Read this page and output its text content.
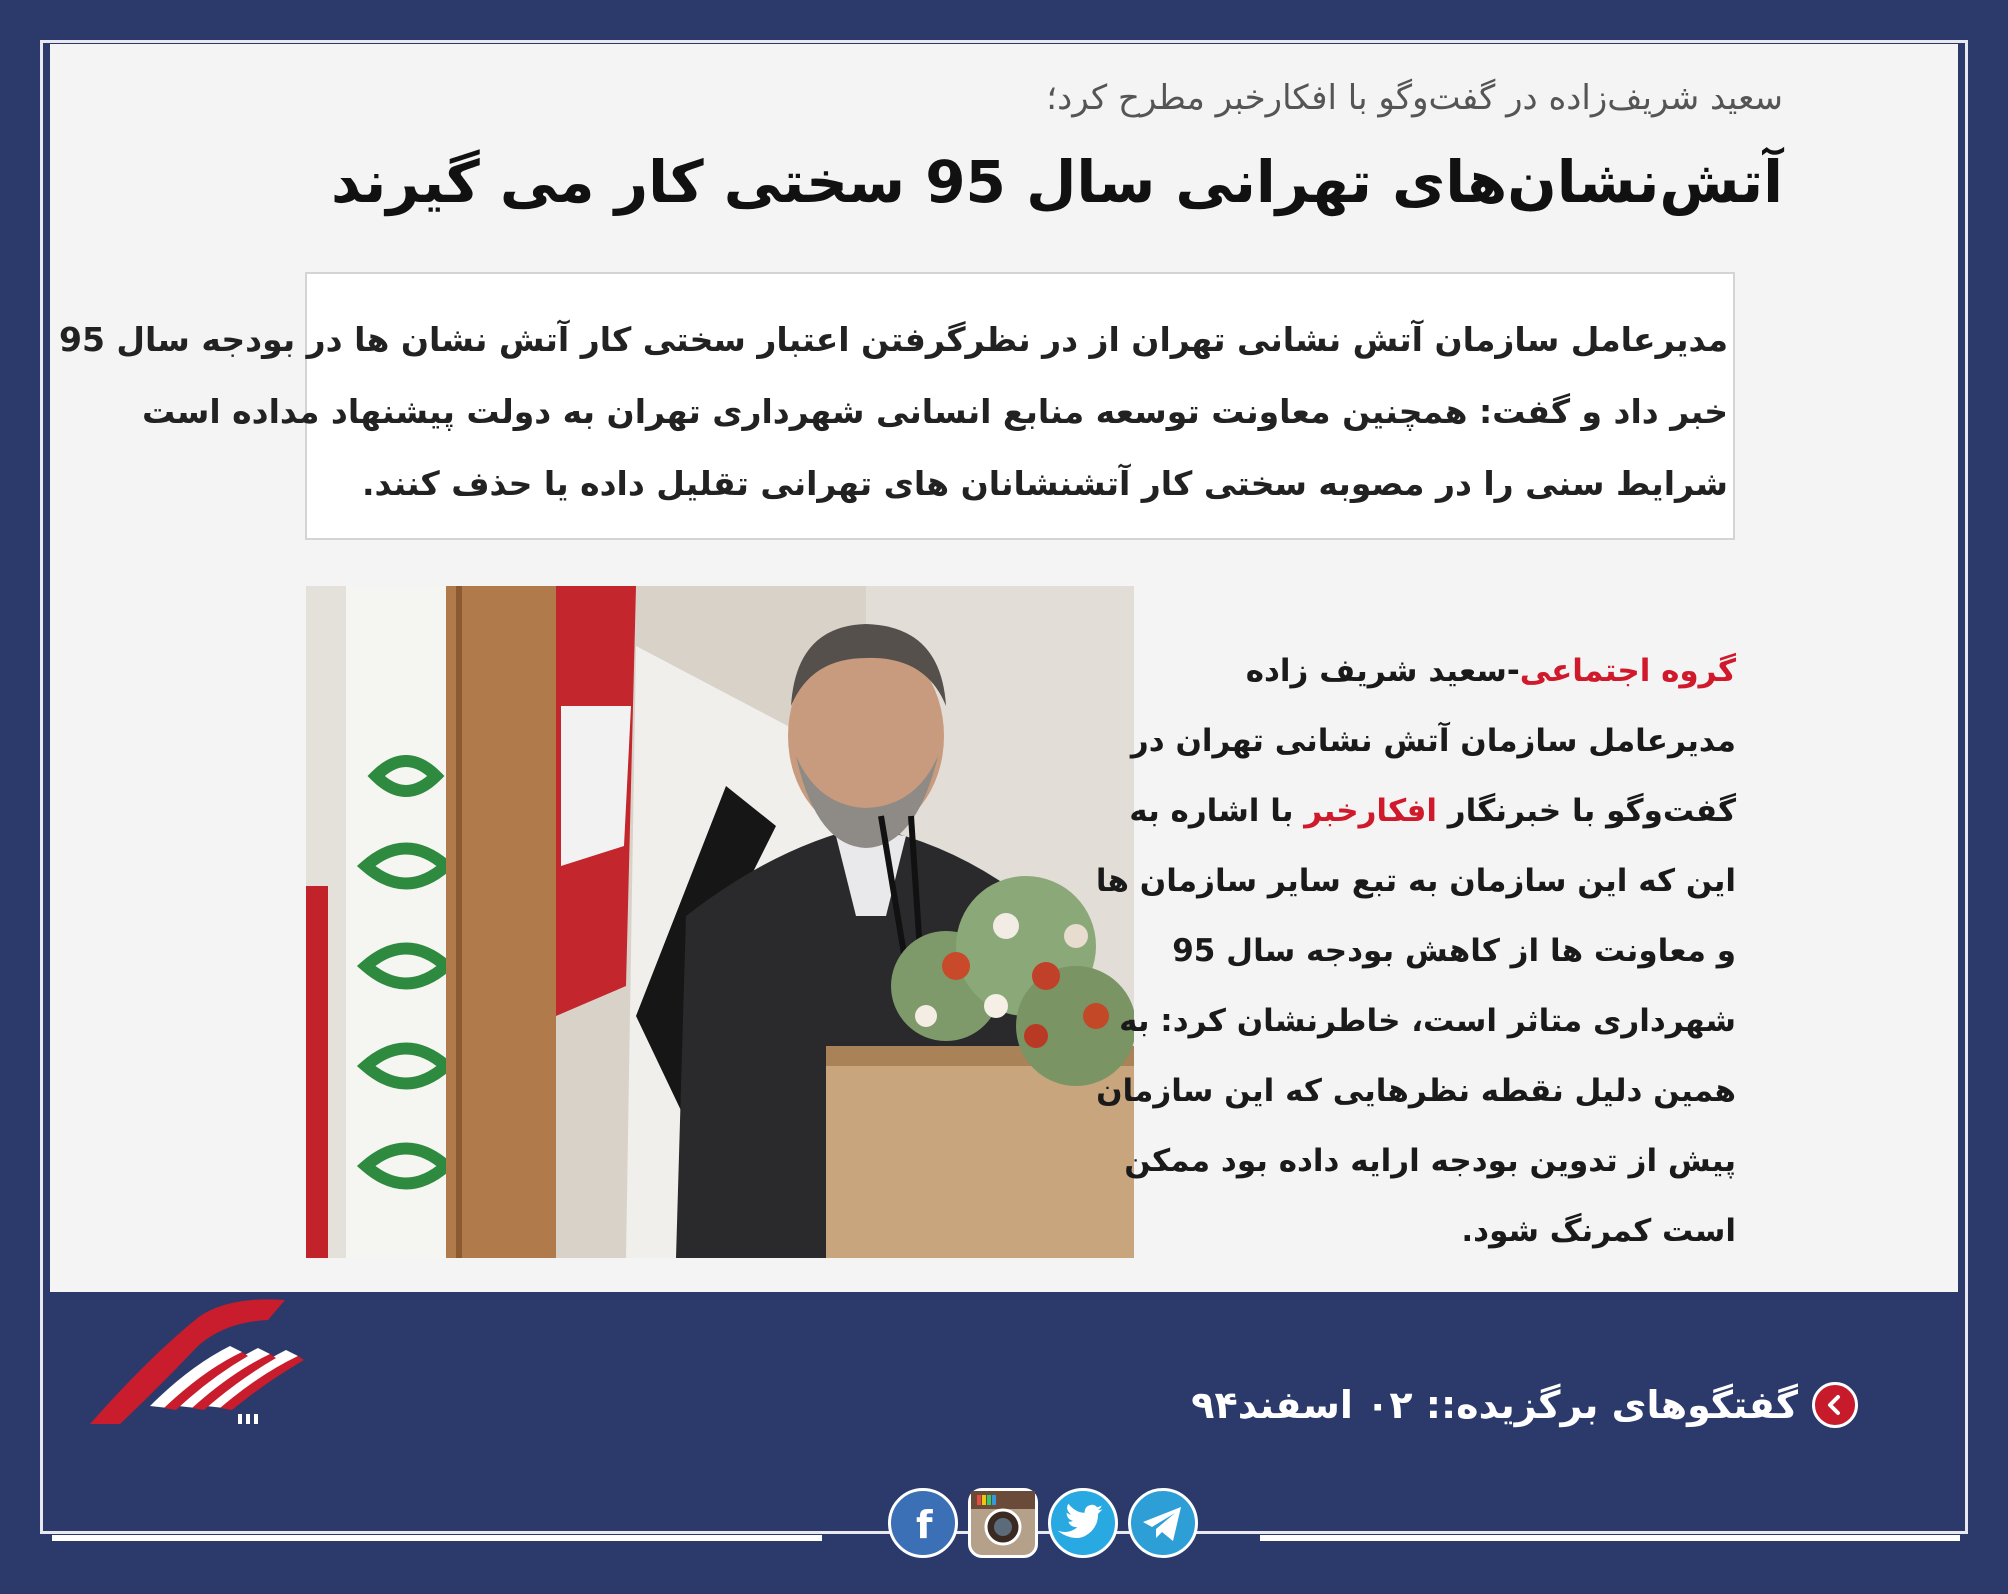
سعید شریف‌زاده در گفت‌وگو با افکارخبر مطرح کرد؛
آتش‌نشان‌های تهرانی سال 95 سختی کار می گیرند
مدیرعامل سازمان آتش نشانی تهران از در نظرگرفتن اعتبار سختی کار آتش نشان ها در بودجه سال 95
خبر داد و گفت: همچنین معاونت توسعه منابع انسانی شهرداری تهران به دولت پیشنهاد مداده است
شرایط سنی را در مصوبه سختی کار آتشنشانان های تهرانی تقلیل داده یا حذف کنند.
گروه اجتماعی-سعید شریف زاده
مدیرعامل سازمان آتش نشانی تهران در
گفت‌وگو با خبرنگار افکارخبر با اشاره به
این که این سازمان به تبع سایر سازمان ها
و معاونت ها از کاهش بودجه سال 95
شهرداری متاثر است، خاطرنشان کرد: به
همین دلیل نقطه نظرهایی که این سازمان
پیش از تدوین بودجه ارایه داده بود ممکن
است کمرنگ شود.
گفتگوهای برگزیده:: ۰۲ اسفند۹۴
f
